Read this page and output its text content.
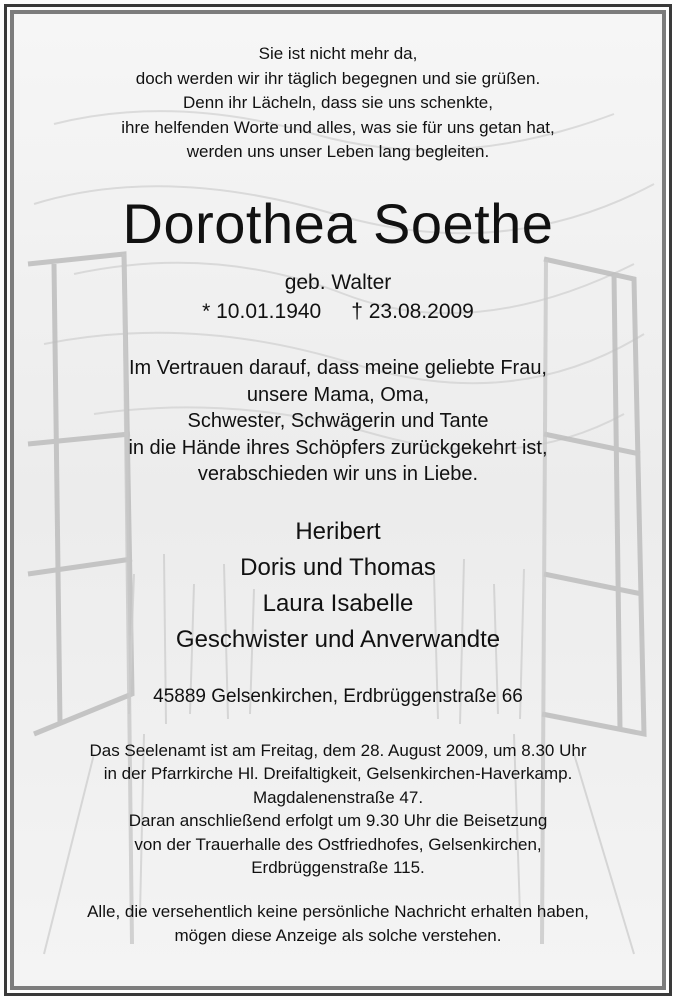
Sie ist nicht mehr da,

doch werden wir ihr täglich begegnen und sie grüßen.

Denn ihr Lächeln, dass sie uns schenkte,

ihre helfenden Worte und alles, was sie für uns getan hat,

werden uns unser Leben lang begleiten.

Dorothea Soethe
geb. Walter
* 10.01.1940 † 23.08.2009

Im Vertrauen darauf, dass meine geliebte Frau,

unsere Mama, Oma,

Schwester, Schwägerin und Tante

in die Hände ihres Schöpfers zurückgekehrt ist,

verabschieden wir uns in Liebe.

Heribert

Doris und Thomas

Laura Isabelle

Geschwister und Anverwandte

45889 Gelsenkirchen, Erdbrüggenstraße 66

Das Seelenamt ist am Freitag, dem 28. August 2009, um 8.30 Uhr

in der Pfarrkirche Hl. Dreifaltigkeit, Gelsenkirchen-Haverkamp.

Magdalenenstraße 47.

Daran anschließend erfolgt um 9.30 Uhr die Beisetzung

von der Trauerhalle des Ostfriedhofes, Gelsenkirchen,

Erdbrüggenstraße 115.

Alle, die versehentlich keine persönliche Nachricht erhalten haben,

mögen diese Anzeige als solche verstehen.
